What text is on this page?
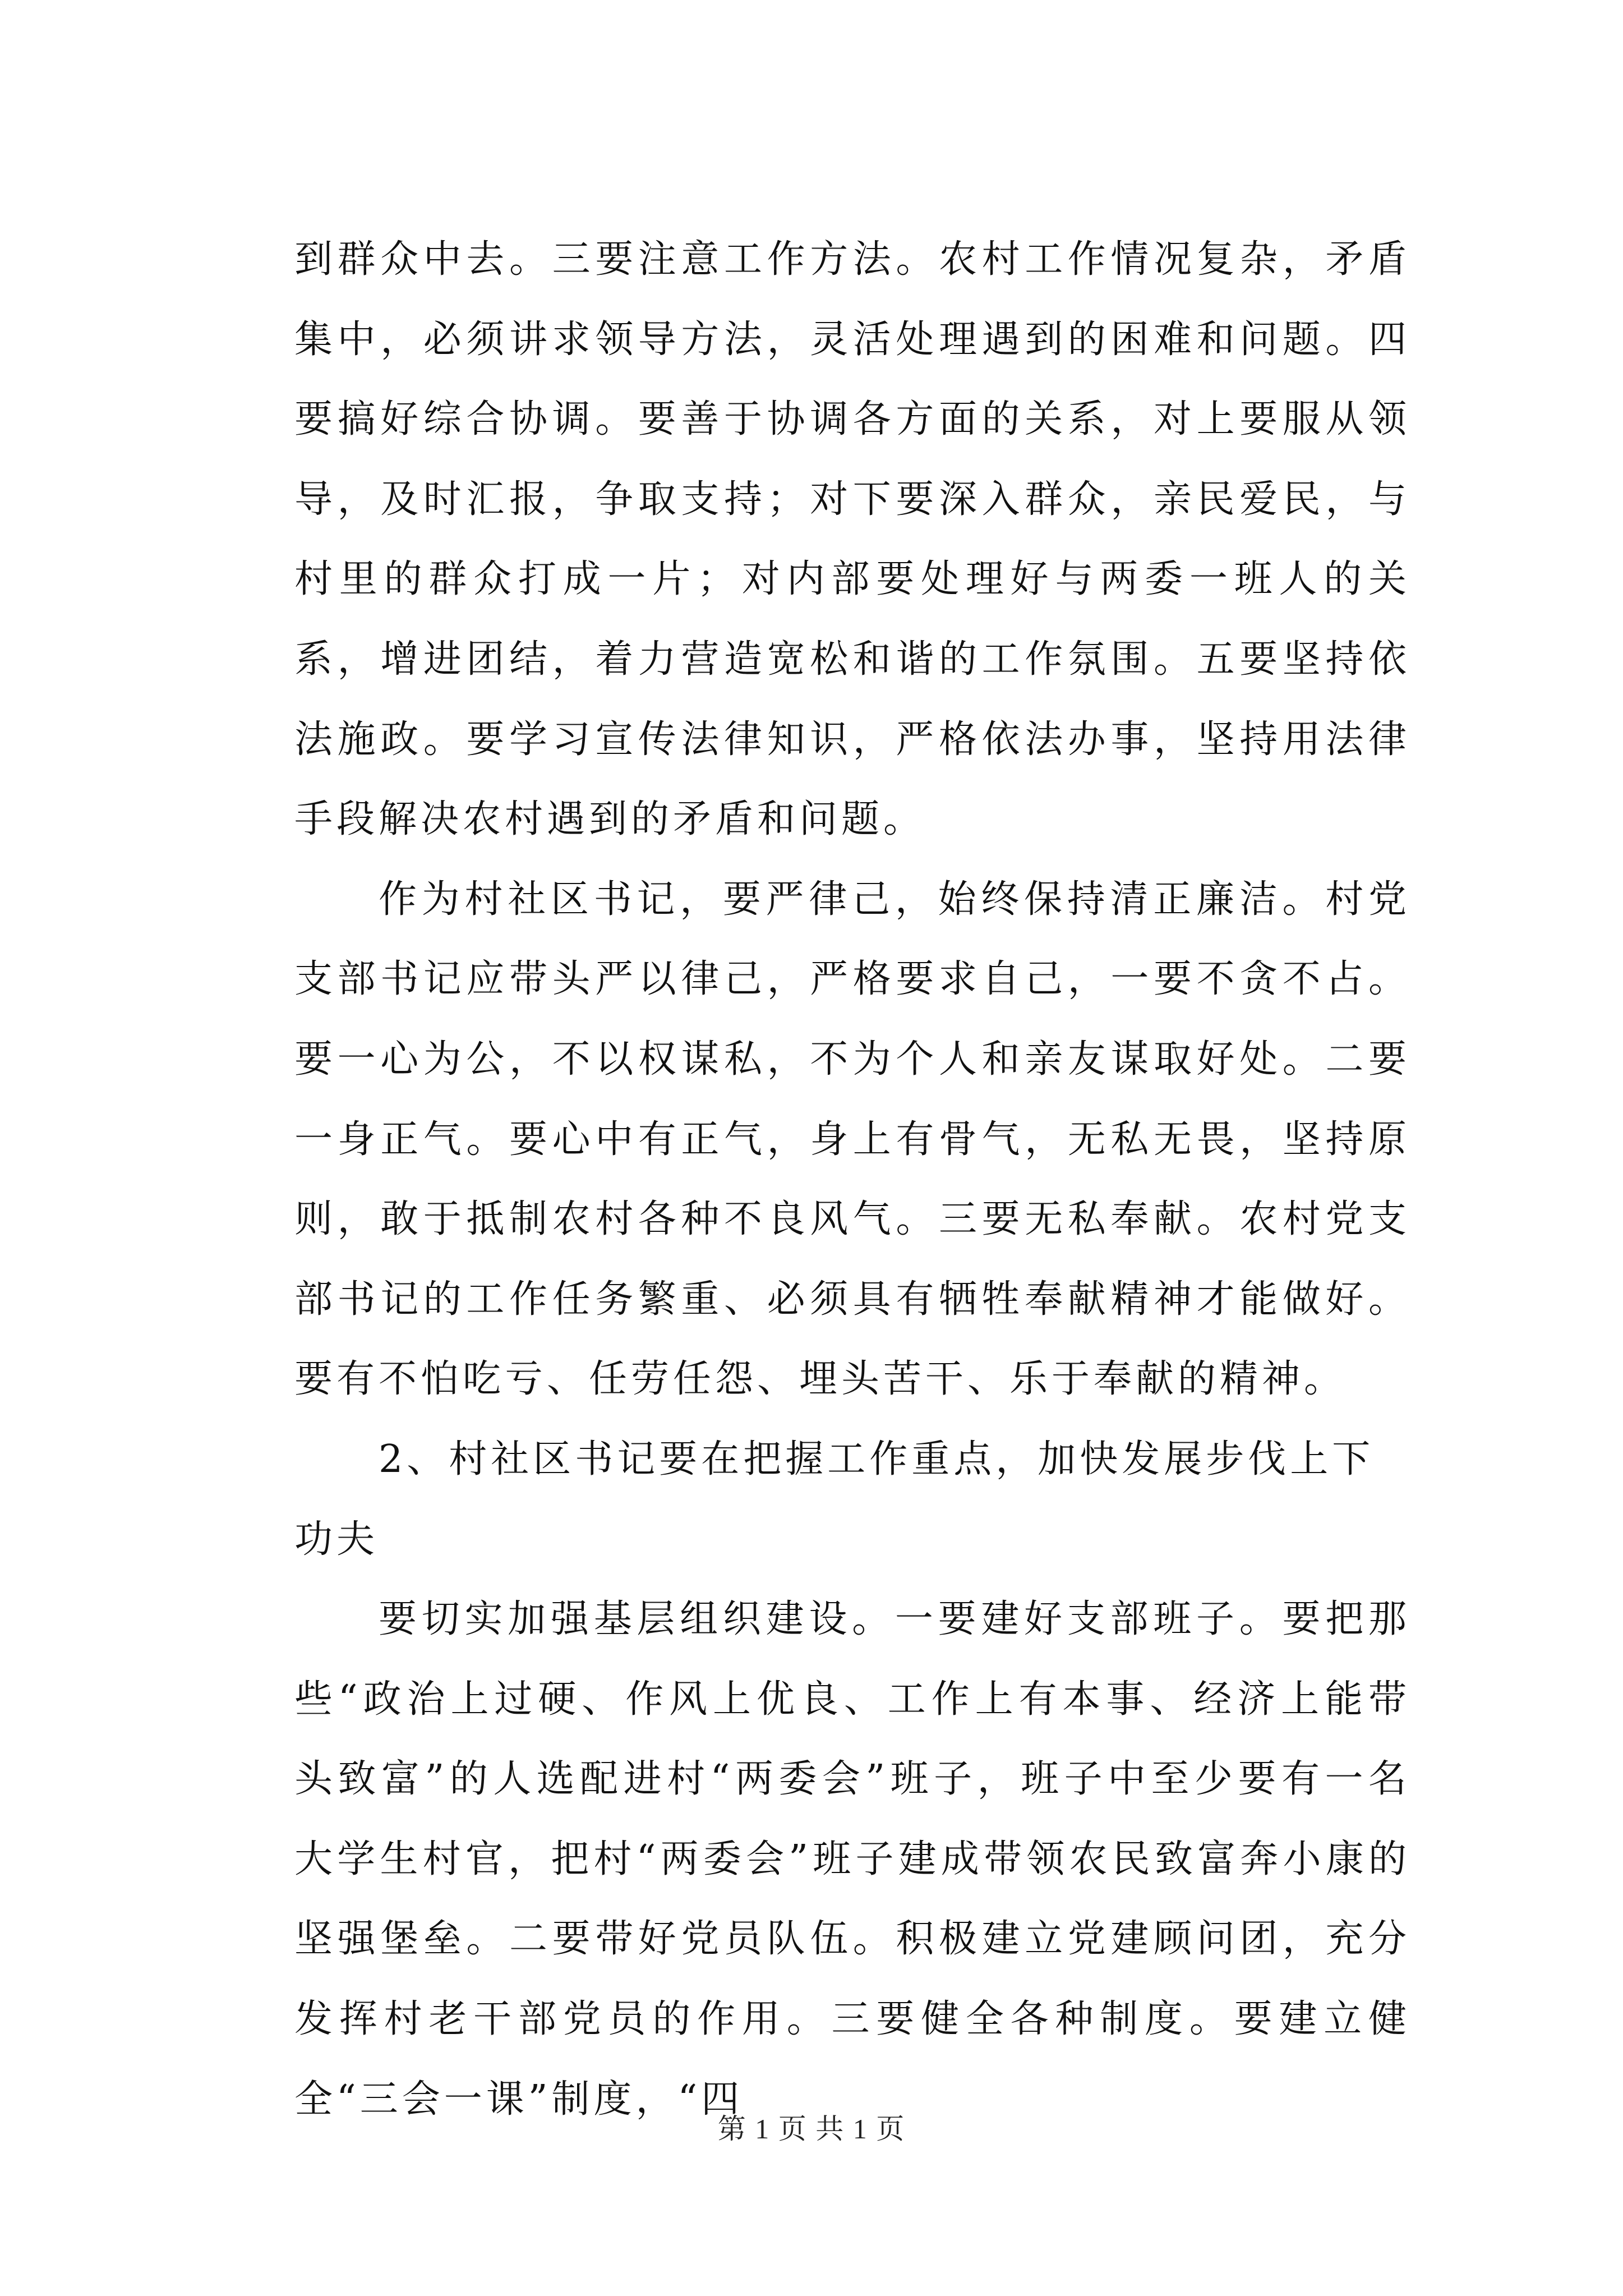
到群众中去。三要注意工作方法。农村工作情况复杂，矛盾集中，必须讲求领导方法，灵活处理遇到的困难和问题。四要搞好综合协调。要善于协调各方面的关系，对上要服从领导，及时汇报，争取支持；对下要深入群众，亲民爱民，与村里的群众打成一片；对内部要处理好与两委一班人的关系，增进团结，着力营造宽松和谐的工作氛围。五要坚持依法施政。要学习宣传法律知识，严格依法办事，坚持用法律手段解决农村遇到的矛盾和问题。

作为村社区书记，要严律己，始终保持清正廉洁。村党支部书记应带头严以律己，严格要求自己，一要不贪不占。要一心为公，不以权谋私，不为个人和亲友谋取好处。二要一身正气。要心中有正气，身上有骨气，无私无畏，坚持原则，敢于抵制农村各种不良风气。三要无私奉献。农村党支部书记的工作任务繁重、必须具有牺牲奉献精神才能做好。要有不怕吃亏、任劳任怨、埋头苦干、乐于奉献的精神。

2、村社区书记要在把握工作重点，加快发展步伐上下功夫

要切实加强基层组织建设。一要建好支部班子。要把那些“政治上过硬、作风上优良、工作上有本事、经济上能带头致富”的人选配进村“两委会”班子，班子中至少要有一名大学生村官，把村“两委会”班子建成带领农民致富奔小康的坚强堡垒。二要带好党员队伍。积极建立党建顾问团，充分发挥村老干部党员的作用。三要健全各种制度。要建立健全“三会一课”制度，“四

第 1 页 共 1 页
